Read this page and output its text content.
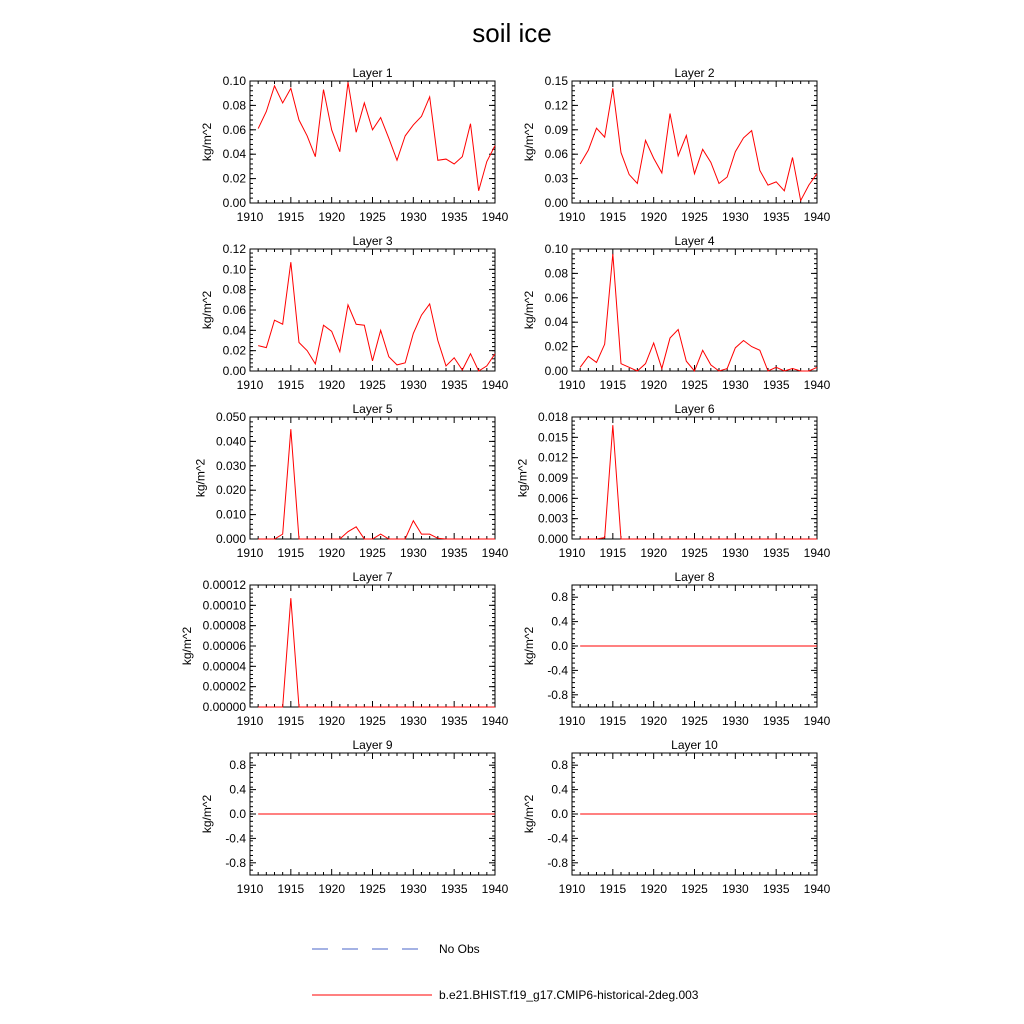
soil ice
Layer 1
1910 1915 1920 1925 1930 1935 1940
0.00
0.02
0.04
0.06
0.08
0.10
kg/m^2
Layer 2
1910 1915 1920 1925 1930 1935 1940
0.00
0.03
0.06
0.09
0.12
0.15
kg/m^2
Layer 3
1910 1915 1920 1925 1930 1935 1940
0.00
0.02
0.04
0.06
0.08
0.10
0.12
kg/m^2
Layer 4
1910 1915 1920 1925 1930 1935 1940
0.00
0.02
0.04
0.06
0.08
0.10
kg/m^2
Layer 5
1910 1915 1920 1925 1930 1935 1940
0.000
0.010
0.020
0.030
0.040
0.050
kg/m^2
Layer 6
1910 1915 1920 1925 1930 1935 1940
0.000
0.003
0.006
0.009
0.012
0.015
0.018
kg/m^2
Layer 7
1910 1915 1920 1925 1930 1935 1940
0.00000
0.00002
0.00004
0.00006
0.00008
0.00010
0.00012
kg/m^2
Layer 8
1910 1915 1920 1925 1930 1935 1940
-0.8
-0.4
0.0
0.4
0.8
kg/m^2
Layer 9
1910 1915 1920 1925 1930 1935 1940
-0.8
-0.4
0.0
0.4
0.8
kg/m^2
Layer 10
1910 1915 1920 1925 1930 1935 1940
-0.8
-0.4
0.0
0.4
0.8
kg/m^2
No Obs
b.e21.BHIST.f19_g17.CMIP6-historical-2deg.003
